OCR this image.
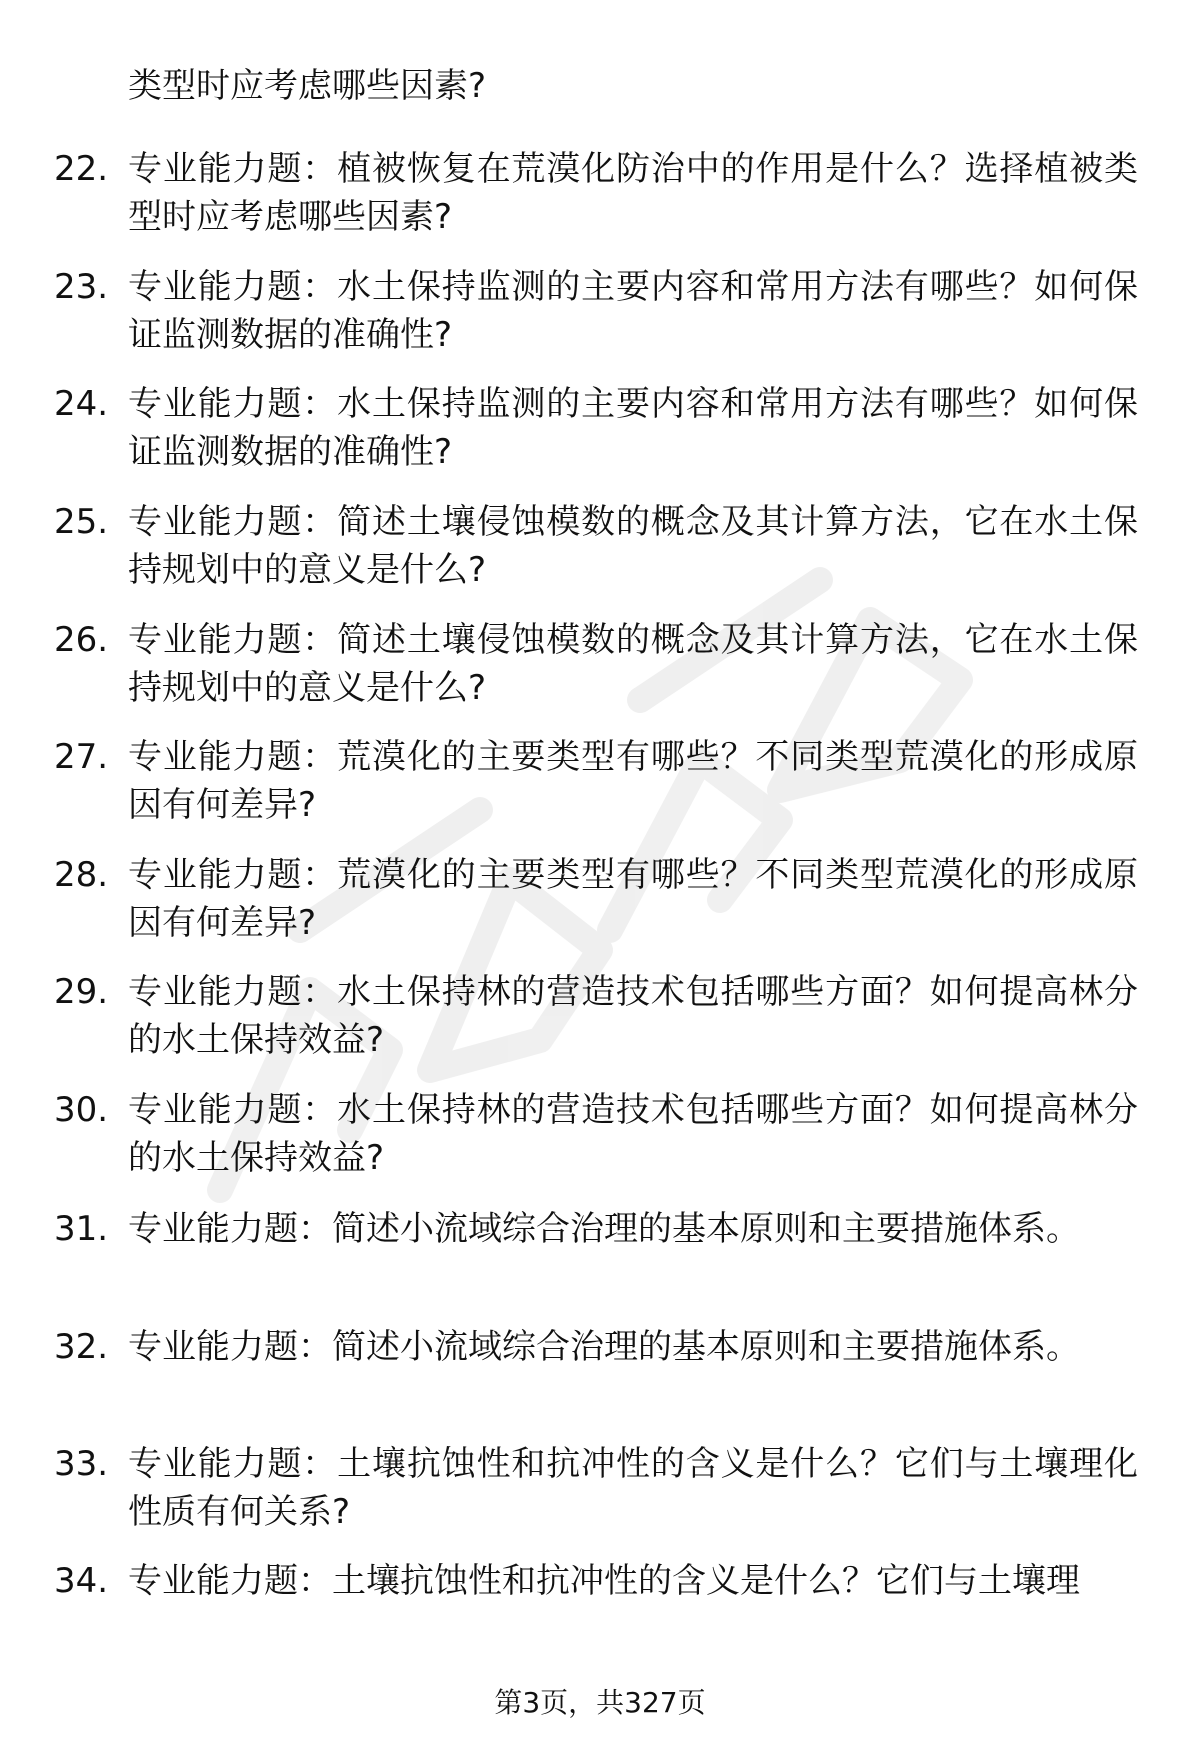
类型时应考虑哪些因素?
22. 专业能力题：植被恢复在荒漠化防治中的作用是什么？选择植被类型时应考虑哪些因素?
23. 专业能力题：水土保持监测的主要内容和常用方法有哪些？如何保证监测数据的准确性?
24. 专业能力题：水土保持监测的主要内容和常用方法有哪些？如何保证监测数据的准确性?
25. 专业能力题：简述土壤侵蚀模数的概念及其计算方法，它在水土保持规划中的意义是什么?
26. 专业能力题：简述土壤侵蚀模数的概念及其计算方法，它在水土保持规划中的意义是什么?
27. 专业能力题：荒漠化的主要类型有哪些？不同类型荒漠化的形成原因有何差异?
28. 专业能力题：荒漠化的主要类型有哪些？不同类型荒漠化的形成原因有何差异?
29. 专业能力题：水土保持林的营造技术包括哪些方面？如何提高林分的水土保持效益?
30. 专业能力题：水土保持林的营造技术包括哪些方面？如何提高林分的水土保持效益?
31. 专业能力题：简述小流域综合治理的基本原则和主要措施体系。
32. 专业能力题：简述小流域综合治理的基本原则和主要措施体系。
33. 专业能力题：土壤抗蚀性和抗冲性的含义是什么？它们与土壤理化性质有何关系?
34. 专业能力题：土壤抗蚀性和抗冲性的含义是什么？它们与土壤理
第3页，共327页
